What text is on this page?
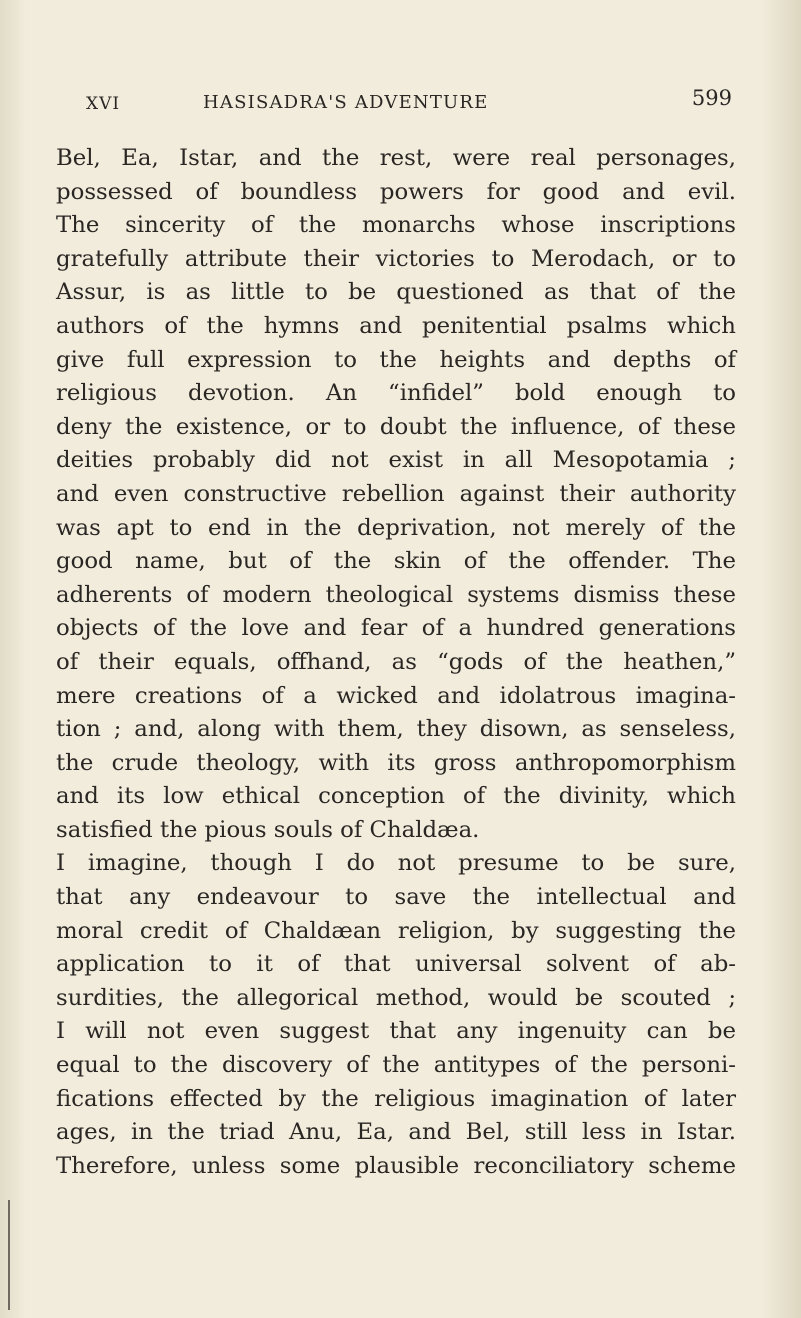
XVI	HASISADRA'S ADVENTURE	599
Bel, Ea, Istar, and the rest, were real personages,
possessed of boundless powers for good and evil.
The sincerity of the monarchs whose inscriptions
gratefully attribute their victories to Merodach, or to
Assur, is as little to be questioned as that of the
authors of the hymns and penitential psalms which
give full expression to the heights and depths of
religious devotion. An “infidel” bold enough to
deny the existence, or to doubt the influence, of these
deities probably did not exist in all Mesopotamia ;
and even constructive rebellion against their authority
was apt to end in the deprivation, not merely of the
good name, but of the skin of the offender. The
adherents of modern theological systems dismiss these
objects of the love and fear of a hundred generations
of their equals, offhand, as “gods of the heathen,”
mere creations of a wicked and idolatrous imagina-
tion ; and, along with them, they disown, as senseless,
the crude theology, with its gross anthropomorphism
and its low ethical conception of the divinity, which
satisfied the pious souls of Chaldæa.
I imagine, though I do not presume to be sure,
that any endeavour to save the intellectual and
moral credit of Chaldæan religion, by suggesting the
application to it of that universal solvent of ab-
surdities, the allegorical method, would be scouted ;
I will not even suggest that any ingenuity can be
equal to the discovery of the antitypes of the personi-
fications effected by the religious imagination of later
ages, in the triad Anu, Ea, and Bel, still less in Istar.
Therefore, unless some plausible reconciliatory scheme
